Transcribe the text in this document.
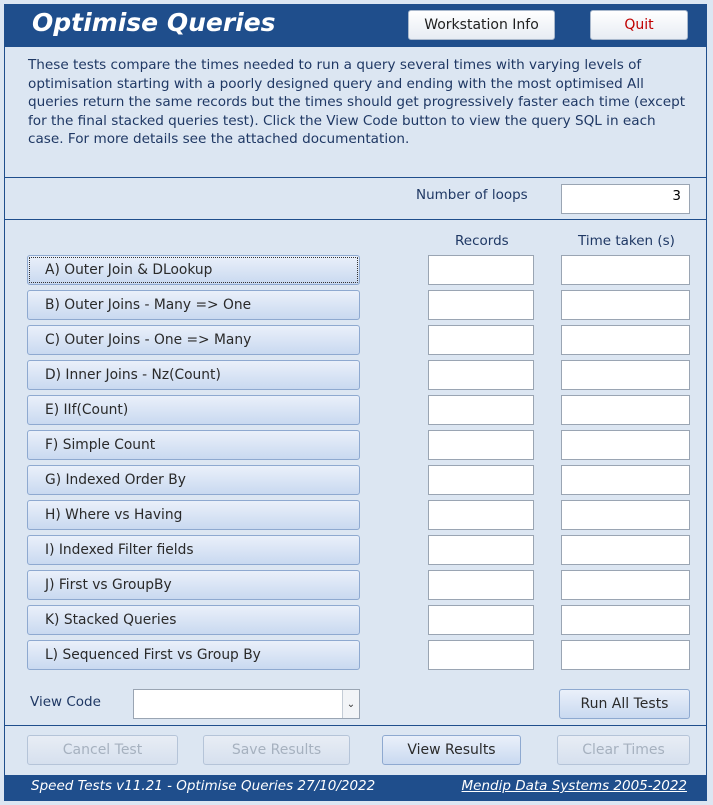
Optimise Queries	Workstation Info	Quit
These tests compare the times needed to run a query several times with varying levels of optimisation starting with a poorly designed query and ending with the most optimised All queries return the same records but the times should get progressively faster each time (except for the final stacked queries test). Click the View Code button to view the query SQL in each case. For more details see the attached documentation.
Number of loops	3
Records	Time taken (s)
A) Outer Join & DLookup
B) Outer Joins - Many => One
C) Outer Joins - One => Many
D) Inner Joins - Nz(Count)
E) IIf(Count)
F) Simple Count
G) Indexed Order By
H) Where vs Having
I) Indexed Filter fields
J) First vs GroupBy
K) Stacked Queries
L) Sequenced First vs Group By
View Code	⌄	Run All Tests
Cancel Test	Save Results	View Results	Clear Times
Speed Tests v11.21 - Optimise Queries 27/10/2022	Mendip Data Systems 2005-2022
